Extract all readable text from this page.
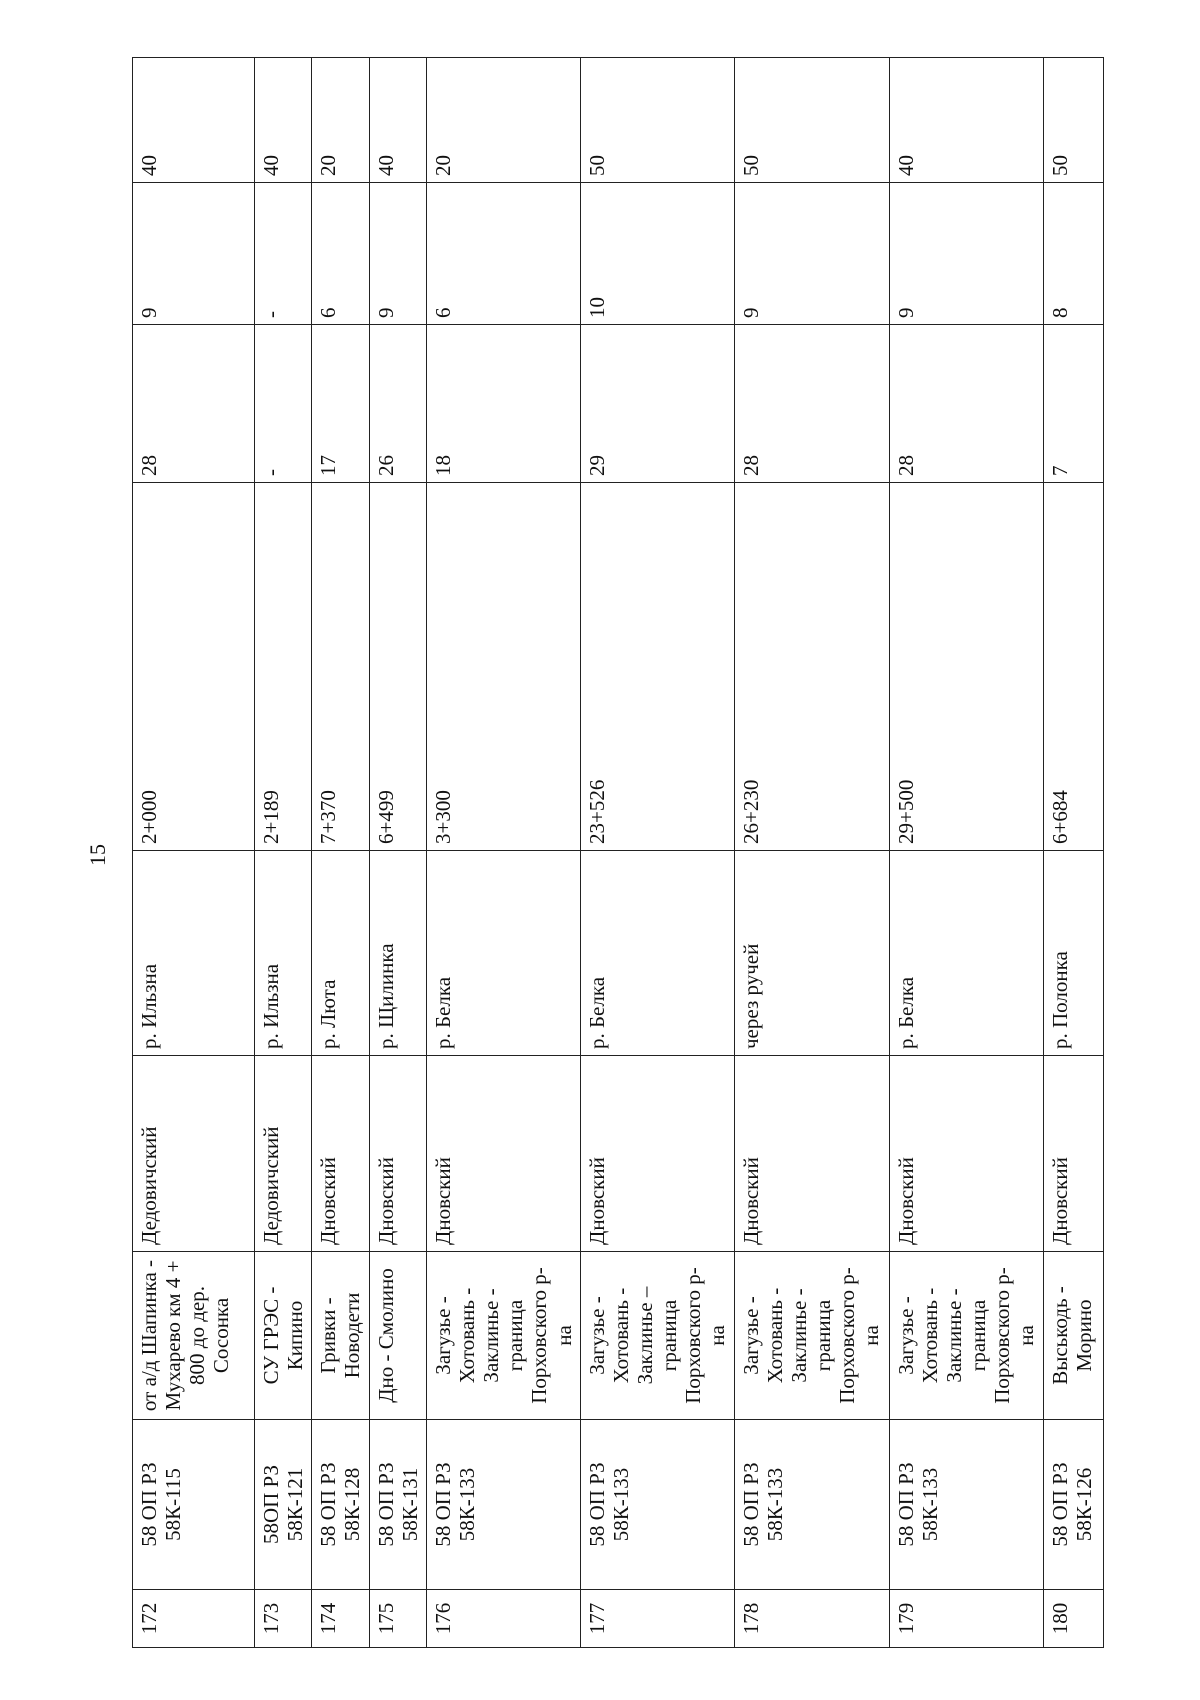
15
172	58 ОП РЗ 58К-115	от а/д Шапинка - Мухарево км 4 + 800 до дер. Сосонка	Дедовичский	р. Ильзна	2+000	28	9	40
173	58ОП РЗ 58К-121	СУ ГРЭС - Кипино	Дедовичский	р. Ильзна	2+189	-	-	40
174	58 ОП РЗ 58К-128	Гривки - Новодети	Дновский	р. Люта	7+370	17	6	20
175	58 ОП РЗ 58К-131	Дно - Смолино	Дновский	р. Щилинка	6+499	26	9	40
176	58 ОП РЗ 58К-133	Загузье - Хотовань - Заклинье - граница Порховского р-на	Дновский	р. Белка	3+300	18	6	20
177	58 ОП РЗ 58К-133	Загузье - Хотовань - Заклинье – граница Порховского р-на	Дновский	р. Белка	23+526	29	10	50
178	58 ОП РЗ 58К-133	Загузье - Хотовань - Заклинье - граница Порховского р-на	Дновский	через ручей	26+230	28	9	50
179	58 ОП РЗ 58К-133	Загузье - Хотовань - Заклинье - граница Порховского р-на	Дновский	р. Белка	29+500	28	9	40
180	58 ОП РЗ 58К-126	Выськодь - Морино	Дновский	р. Полонка	6+684	7	8	50
